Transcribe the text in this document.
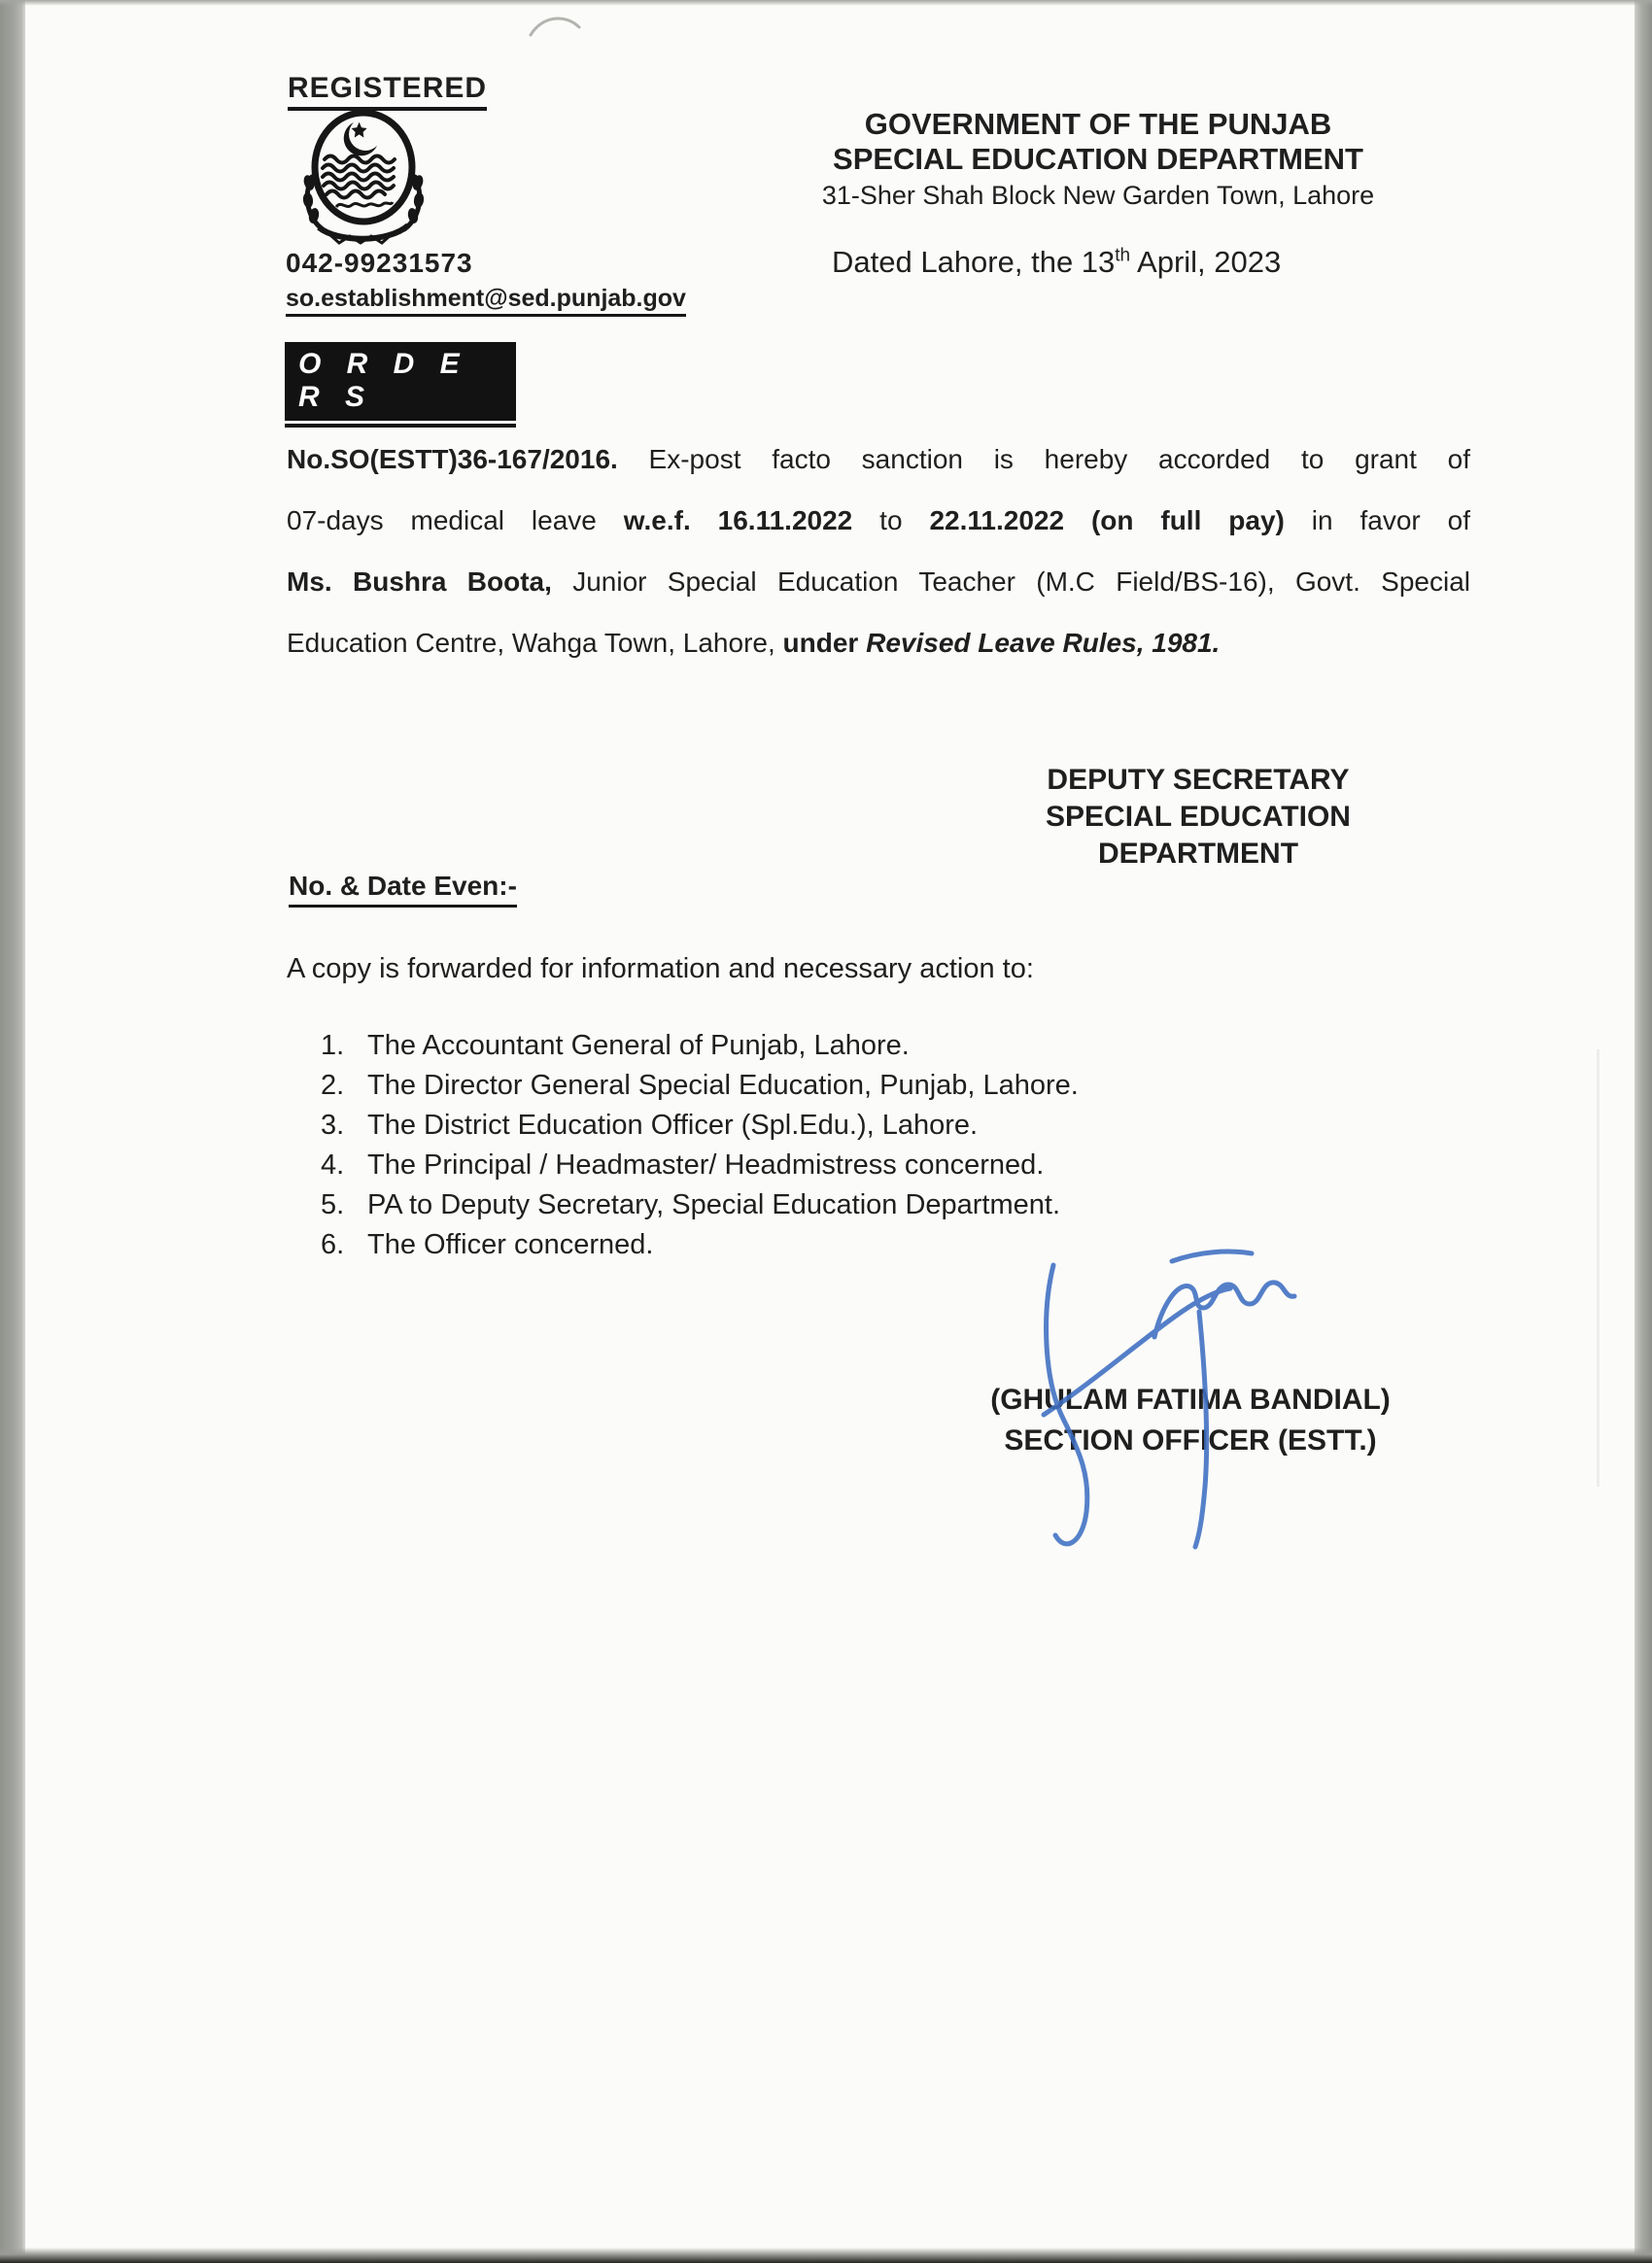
REGISTERED
042-99231573
so.establishment@sed.punjab.gov
GOVERNMENT OF THE PUNJAB
SPECIAL EDUCATION DEPARTMENT
31-Sher Shah Block New Garden Town, Lahore
Dated Lahore, the 13th April, 2023
O R D E R S
No.SO(ESTT)36-167/2016. Ex-post facto sanction is hereby accorded to grant of
07-days medical leave w.e.f. 16.11.2022 to 22.11.2022 (on full pay) in favor of
Ms. Bushra Boota, Junior Special Education Teacher (M.C Field/BS-16), Govt. Special
Education Centre, Wahga Town, Lahore, under Revised Leave Rules, 1981.
DEPUTY SECRETARY
SPECIAL EDUCATION
DEPARTMENT
No. & Date Even:-
A copy is forwarded for information and necessary action to:
1. The Accountant General of Punjab, Lahore.
2. The Director General Special Education, Punjab, Lahore.
3. The District Education Officer (Spl.Edu.), Lahore.
4. The Principal / Headmaster/ Headmistress concerned.
5. PA to Deputy Secretary, Special Education Department.
6. The Officer concerned.
(GHULAM FATIMA BANDIAL)
SECTION OFFICER (ESTT.)
